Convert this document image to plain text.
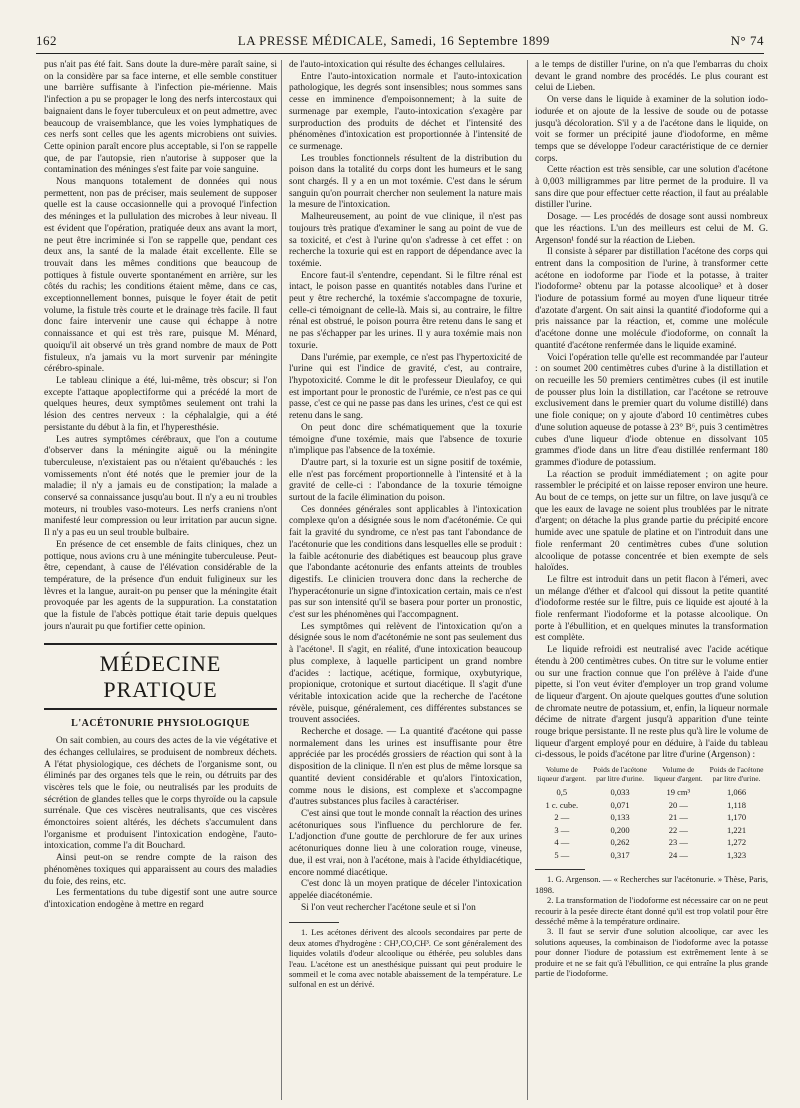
162	LA PRESSE MÉDICALE, Samedi, 16 Septembre 1899	N° 74

pus n'ait pas été fait. Sans doute la dure-mère paraît saine, si on la considère par sa face interne, et elle semble constituer une barrière suffisante à l'infection pie-mérienne. Mais l'infection a pu se propager le long des nerfs intercostaux qui baignaient dans le foyer tuberculeux et on peut admettre, avec beaucoup de vraisemblance, que les voies lymphatiques de ces nerfs sont celles que les agents microbiens ont suivies. Cette opinion paraît encore plus acceptable, si l'on se rappelle que, de par l'autopsie, rien n'autorise à supposer que la contamination des méninges s'est faite par voie sanguine.

Nous manquons totalement de données qui nous permettent, non pas de préciser, mais seulement de supposer quelle est la cause occasionnelle qui a provoqué l'infection des méninges et la pullulation des microbes à leur niveau. Il est évident que l'opération, pratiquée deux ans avant la mort, ne peut être incriminée si l'on se rappelle que, pendant ces deux ans, la santé de la malade était excellente. Elle se trouvait dans les mêmes conditions que beaucoup de pottiques à fistule ouverte spontanément en arrière, sur les côtés du rachis; les conditions étaient même, dans ce cas, exceptionnellement bonnes, puisque le foyer était de petit volume, la fistule très courte et le drainage très facile. Il faut donc faire intervenir une cause qui échappe à notre connaissance et qui est très rare, puisque M. Ménard, quoiqu'il ait observé un très grand nombre de maux de Pott fistuleux, n'a jamais vu la mort survenir par méningite cérébro-spinale.

Le tableau clinique a été, lui-même, très obscur; si l'on excepte l'attaque apoplectiforme qui a précédé la mort de quelques heures, deux symptômes seulement ont trahi la lésion des centres nerveux : la céphalalgie, qui a été persistante du début à la fin, et l'hyperesthésie.

Les autres symptômes cérébraux, que l'on a coutume d'observer dans la méningite aiguë ou la méningite tuberculeuse, n'existaient pas ou n'étaient qu'ébauchés : les vomissements n'ont été notés que le premier jour de la maladie; il n'y a jamais eu de constipation; la malade a conservé sa connaissance jusqu'au bout. Il n'y a eu ni troubles moteurs, ni troubles vaso-moteurs. Les nerfs craniens n'ont manifesté leur compression ou leur irritation par aucun signe. Il n'y a pas eu un seul trouble bulbaire.

En présence de cet ensemble de faits cliniques, chez un pottique, nous avions cru à une méningite tuberculeuse. Peut-être, cependant, à cause de l'élévation considérable de la température, de la présence d'un enduit fuligineux sur les lèvres et la langue, aurait-on pu penser que la méningite était provoquée par les agents de la suppuration. La constatation que la fistule de l'abcès pottique était tarie depuis quelques jours n'aurait pu que fortifier cette opinion.

MÉDECINE PRATIQUE
L'ACÉTONURIE PHYSIOLOGIQUE

On sait combien, au cours des actes de la vie végétative et des échanges cellulaires, se produisent de nombreux déchets. A l'état physiologique, ces déchets de l'organisme sont, ou éliminés par des organes tels que le rein, ou détruits par des viscères tels que le foie, ou neutralisés par les produits de sécrétion de glandes telles que le corps thyroïde ou la capsule surrénale. Que ces viscères neutralisants, que ces viscères émonctoires soient altérés, les déchets s'accumulent dans l'organisme et produisent l'intoxication endogène, l'auto-intoxication, comme l'a dit Bouchard.

Ainsi peut-on se rendre compte de la raison des phénomènes toxiques qui apparaissent au cours des maladies du foie, des reins, etc.

Les fermentations du tube digestif sont une autre source d'intoxication endogène à mettre en regard

de l'auto-intoxication qui résulte des échanges cellulaires.

Entre l'auto-intoxication normale et l'auto-intoxication pathologique, les degrés sont insensibles; nous sommes sans cesse en imminence d'empoisonnement; à la suite de surmenage par exemple, l'auto-intoxication s'exagère par surproduction des produits de déchet et l'intensité des phénomènes d'intoxication est proportionnée à l'intensité de ce surmenage.

Les troubles fonctionnels résultent de la distribution du poison dans la totalité du corps dont les humeurs et le sang sont chargés. Il y a en un mot toxémie. C'est dans le sérum sanguin qu'on pourrait chercher non seulement la nature mais la mesure de l'intoxication.

Malheureusement, au point de vue clinique, il n'est pas toujours très pratique d'examiner le sang au point de vue de sa toxicité, et c'est à l'urine qu'on s'adresse à cet effet : on recherche la toxurie qui est en rapport de dépendance avec la toxémie.

Encore faut-il s'entendre, cependant. Si le filtre rénal est intact, le poison passe en quantités notables dans l'urine et peut y être recherché, la toxémie s'accompagne de toxurie, celle-ci témoignant de celle-là. Mais si, au contraire, le filtre rénal est obstrué, le poison pourra être retenu dans le sang et ne pas s'échapper par les urines. Il y aura toxémie mais non toxurie.

Dans l'urémie, par exemple, ce n'est pas l'hypertoxicité de l'urine qui est l'indice de gravité, c'est, au contraire, l'hypotoxicité. Comme le dit le professeur Dieulafoy, ce qui est important pour le pronostic de l'urémie, ce n'est pas ce qui passe, c'est ce qui ne passe pas dans les urines, c'est ce qui est retenu dans le sang.

On peut donc dire schématiquement que la toxurie témoigne d'une toxémie, mais que l'absence de toxurie n'implique pas l'absence de la toxémie.

D'autre part, si la toxurie est un signe positif de toxémie, elle n'est pas forcément proportionnelle à l'intensité et à la gravité de celle-ci : l'abondance de la toxurie témoigne surtout de la facile élimination du poison.

Ces données générales sont applicables à l'intoxication complexe qu'on a désignée sous le nom d'acétonémie. Ce qui fait la gravité du syndrome, ce n'est pas tant l'abondance de l'acétonurie que les conditions dans lesquelles elle se produit : la faible acétonurie des diabétiques est beaucoup plus grave que l'abondante acétonurie des enfants atteints de troubles digestifs. Le clinicien trouvera donc dans la recherche de l'hyperacétonurie un signe d'intoxication certain, mais ce n'est pas sur son intensité qu'il se basera pour porter un pronostic, c'est sur les phénomènes qui l'accompagnent.

Les symptômes qui relèvent de l'intoxication qu'on a désignée sous le nom d'acétonémie ne sont pas seulement dus à l'acétone¹. Il s'agit, en réalité, d'une intoxication beaucoup plus complexe, à laquelle participent un grand nombre d'acides : lactique, acétique, formique, oxybutyrique, propionique, crotonique et surtout diacétique. Il s'agit d'une véritable intoxication acide que la recherche de l'acétone révèle, puisque, généralement, ces différentes substances se trouvent associées.

Recherche et dosage. — La quantité d'acétone qui passe normalement dans les urines est insuffisante pour être appréciée par les procédés grossiers de réaction qui sont à la disposition de la clinique. Il n'en est plus de même lorsque sa quantité devient considérable et qu'alors l'intoxication, comme nous le disions, est complexe et s'accompagne d'autres substances plus faciles à caractériser.

C'est ainsi que tout le monde connaît la réaction des urines acétonuriques sous l'influence du perchlorure de fer. L'adjonction d'une goutte de perchlorure de fer aux urines acétonuriques donne lieu à une coloration rouge, vineuse, due, il est vrai, non à l'acétone, mais à l'acide éthyldiacétique, encore nommé diacétique.

C'est donc là un moyen pratique de déceler l'intoxication appelée diacétonémie.

Si l'on veut rechercher l'acétone seule et si l'on

1. Les acétones dérivent des alcools secondaires par perte de deux atomes d'hydrogène : CH³,CO,CH³. Ce sont généralement des liquides volatils d'odeur alcoolique ou éthérée, peu solubles dans l'eau. L'acétone est un anesthésique puissant qui peut produire le sommeil et le coma avec notable abaissement de la température. Le sulfonal en est un dérivé.

a le temps de distiller l'urine, on n'a que l'embarras du choix devant le grand nombre des procédés. Le plus courant est celui de Lieben.

On verse dans le liquide à examiner de la solution iodo-iodurée et on ajoute de la lessive de soude ou de potasse jusqu'à décoloration. S'il y a de l'acétone dans le liquide, on voit se former un précipité jaune d'iodoforme, en même temps que se développe l'odeur caractéristique de ce dernier corps.

Cette réaction est très sensible, car une solution d'acétone à 0,003 milligrammes par litre permet de la produire. Il va sans dire que pour effectuer cette réaction, il faut au préalable distiller l'urine.

Dosage. — Les procédés de dosage sont aussi nombreux que les réactions. L'un des meilleurs est celui de M. G. Argenson¹ fondé sur la réaction de Lieben.

Il consiste à séparer par distillation l'acétone des corps qui entrent dans la composition de l'urine, à transformer cette acétone en iodoforme par l'iode et la potasse, à traiter l'iodoforme² obtenu par la potasse alcoolique³ et à doser l'iodure de potassium formé au moyen d'une liqueur titrée d'azotate d'argent. On sait ainsi la quantité d'iodoforme qui a pris naissance par la réaction, et, comme une molécule d'acétone donne une molécule d'iodoforme, on connaît la quantité d'acétone renfermée dans le liquide examiné.

Voici l'opération telle qu'elle est recommandée par l'auteur : on soumet 200 centimètres cubes d'urine à la distillation et on recueille les 50 premiers centimètres cubes (il est inutile de pousser plus loin la distillation, car l'acétone se retrouve exclusivement dans le premier quart du volume distillé) dans une fiole conique; on y ajoute d'abord 10 centimètres cubes d'une solution aqueuse de potasse à 23° B⁶, puis 3 centimètres cubes d'une liqueur d'iode obtenue en dissolvant 105 grammes d'iode dans un litre d'eau distillée renfermant 180 grammes d'iodure de potassium.

La réaction se produit immédiatement ; on agite pour rassembler le précipité et on laisse reposer environ une heure. Au bout de ce temps, on jette sur un filtre, on lave jusqu'à ce que les eaux de lavage ne soient plus troublées par le nitrate d'argent; on détache la plus grande partie du précipité encore humide avec une spatule de platine et on l'introduit dans une fiole renfermant 20 centimètres cubes d'une solution alcoolique de potasse concentrée et bien exempte de sels haloïdes.

Le filtre est introduit dans un petit flacon à l'émeri, avec un mélange d'éther et d'alcool qui dissout la petite quantité d'iodoforme restée sur le filtre, puis ce liquide est ajouté à la fiole renfermant l'iodoforme et la potasse alcoolique. On porte à l'ébullition, et en quelques minutes la transformation est complète.

Le liquide refroidi est neutralisé avec l'acide acétique étendu à 200 centimètres cubes. On titre sur le volume entier ou sur une fraction connue que l'on prélève à l'aide d'une pipette, si l'on veut éviter d'employer un trop grand volume de liqueur d'argent. On ajoute quelques gouttes d'une solution de chromate neutre de potassium, et, enfin, la liqueur normale décime de nitrate d'argent jusqu'à apparition d'une teinte rouge brique persistante. Il ne reste plus qu'à lire le volume de liqueur d'argent employé pour en déduire, à l'aide du tableau ci-dessous, le poids d'acétone par litre d'urine (Argenson) :

Volume de liqueur d'argent.	Poids de l'acétone par litre d'urine.	Volume de liqueur d'argent.	Poids de l'acétone par litre d'urine.
0,5	0,033	19 cm³	1,066
1 c. cube.	0,071	20 —	1,118
2 —	0,133	21 —	1,170
3 —	0,200	22 —	1,221
4 —	0,262	23 —	1,272
5 —	0,317	24 —	1,323

1. G. Argenson. — « Recherches sur l'acétonurie. » Thèse, Paris, 1898.

2. La transformation de l'iodoforme est nécessaire car on ne peut recourir à la pesée directe étant donné qu'il est trop volatil pour être desséché même à la température ordinaire.

3. Il faut se servir d'une solution alcoolique, car avec les solutions aqueuses, la combinaison de l'iodoforme avec la potasse pour donner l'iodure de potassium est extrêmement lente à se produire et ne se fait qu'à l'ébullition, ce qui entraîne la plus grande partie de l'iodoforme.
